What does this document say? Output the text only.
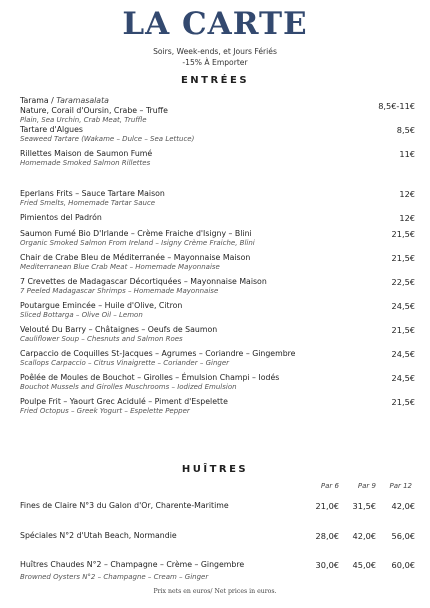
LA CARTE
Soirs, Week-ends, et Jours Fériés
-15% À Emporter
ENTRÉES
Tarama / Taramasalata
Nature, Corail d'Oursin, Crabe – Truffe
Plain, Sea Urchin, Crab Meat, Truffle
8,5€-11€
Tartare d'Algues
Seaweed Tartare (Wakame – Dulce – Sea Lettuce)
8,5€
Rillettes Maison de Saumon Fumé
Homemade Smoked Salmon Rillettes
11€
Eperlans Frits – Sauce Tartare Maison
Fried Smelts, Homemade Tartar Sauce
12€
Pimientos del Padrón	12€
Saumon Fumé Bio D'Irlande – Crème Fraiche d'Isigny – Blini
Organic Smoked Salmon From Ireland – Isigny Crème Fraiche, Blini
21,5€
Chair de Crabe Bleu de Méditerranée – Mayonnaise Maison
Mediterranean Blue Crab Meat – Homemade Mayonnaise
21,5€
7 Crevettes de Madagascar Décortiquées – Mayonnaise Maison
7 Peeled Madagascar Shrimps – Homemade Mayonnaise
22,5€
Poutargue Emincée – Huile d'Olive, Citron
Sliced Bottarga – Olive Oil – Lemon
24,5€
Velouté Du Barry – Châtaignes – Oeufs de Saumon
Cauliflower Soup – Chesnuts and Salmon Roes
21,5€
Carpaccio de Coquilles St-Jacques – Agrumes – Coriandre – Gingembre
Scallops Carpaccio – Citrus Vinaigrette – Coriander – Ginger
24,5€
Poêlée de Moules de Bouchot – Girolles – Émulsion Champi – Iodés
Bouchot Mussels and Girolles Muschrooms – Iodized Emulsion
24,5€
Poulpe Frit – Yaourt Grec Acidulé – Piment d'Espelette
Fried Octopus – Greek Yogurt – Espelette Pepper
21,5€
HUÎTRES
Par 6	Par 9	Par 12
Fines de Claire N°3 du Galon d'Or, Charente-Maritime	21,0€	31,5€	42,0€
Spéciales N°2 d'Utah Beach, Normandie	28,0€	42,0€	56,0€
Huîtres Chaudes N°2 – Champagne – Crème – Gingembre
Browned Oysters N°2 – Champagne – Cream – Ginger
30,0€	45,0€	60,0€
Prix nets en euros/ Net prices in euros.
